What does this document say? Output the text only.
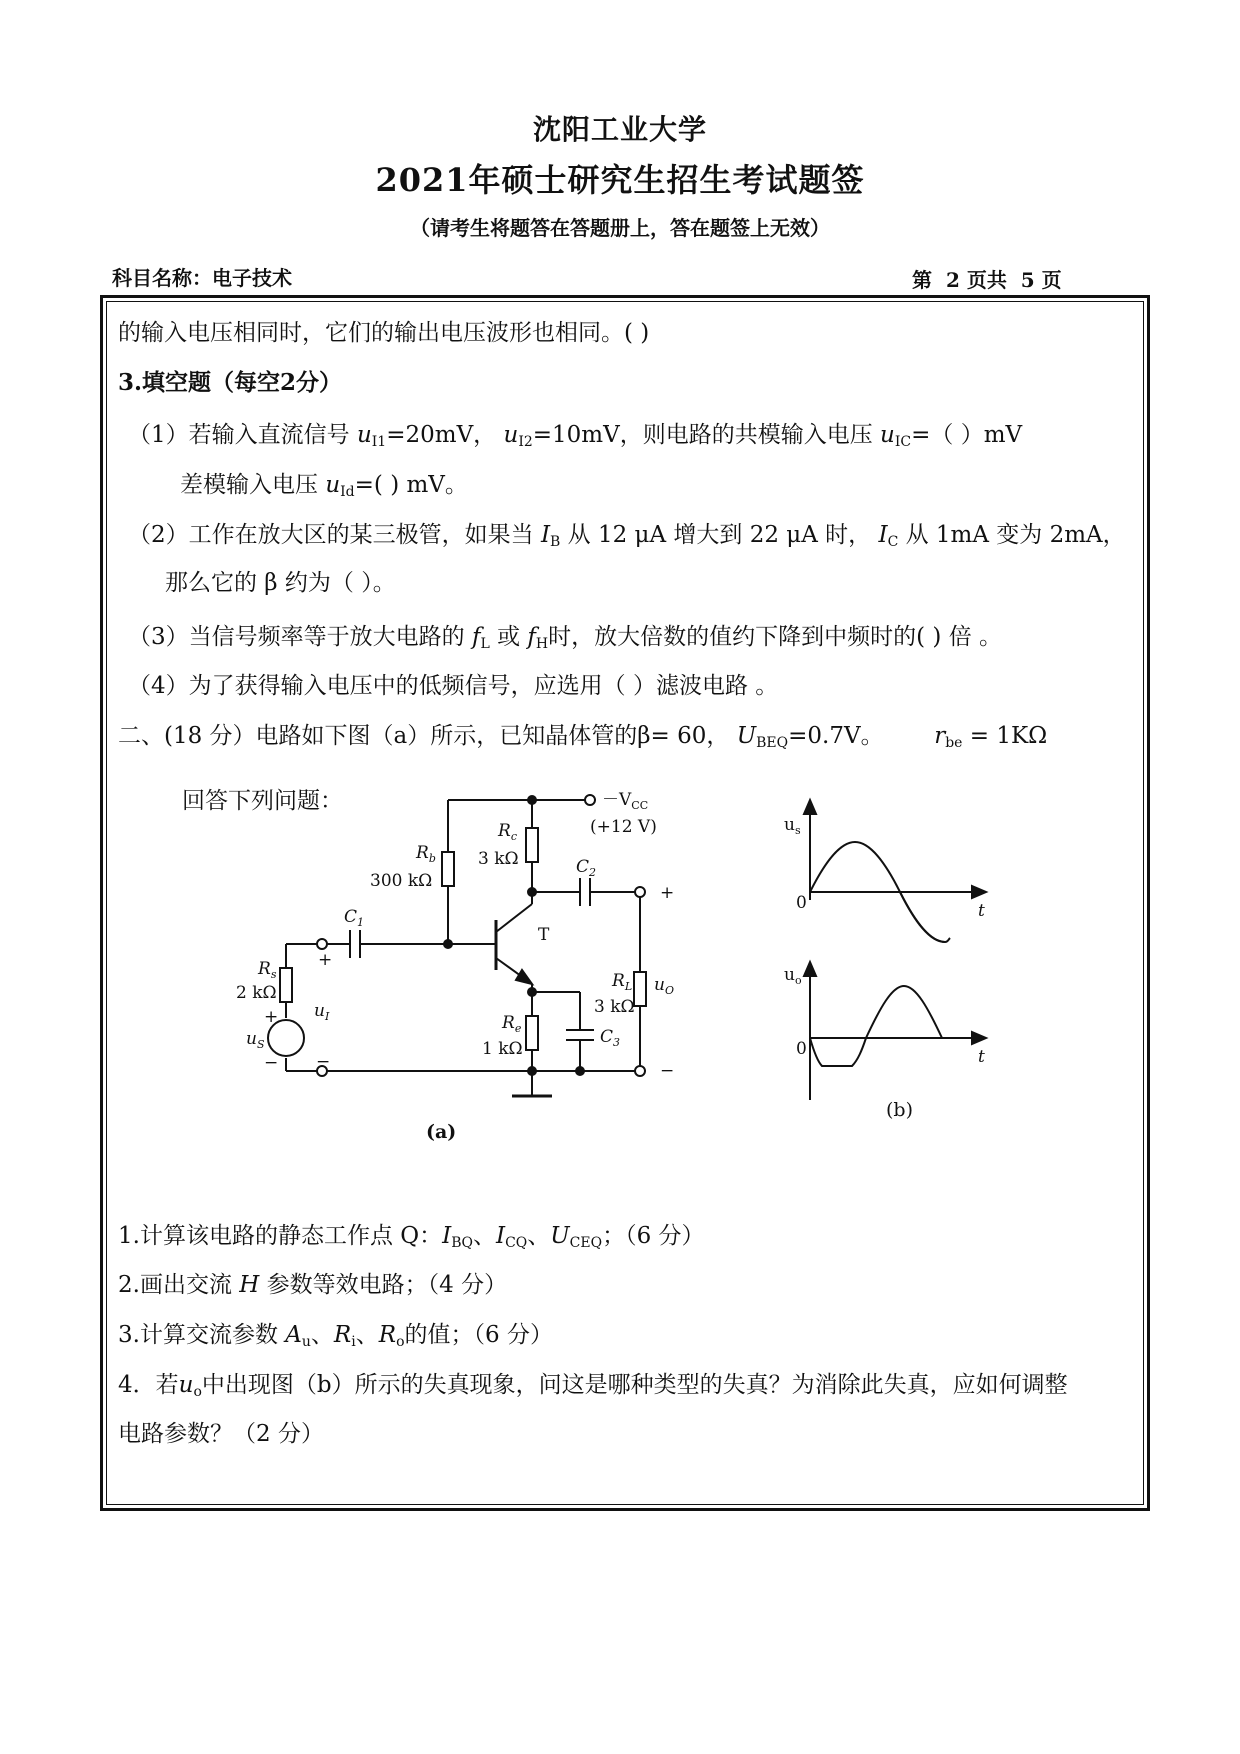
沈阳工业大学
2021年硕士研究生招生考试题签
（请考生将题答在答题册上，答在题签上无效）
科目名称：电子技术	第 2 页共 5 页
的输入电压相同时，它们的输出电压波形也相同。( )
3.填空题（每空2分）
（1）若输入直流信号 $u_{I1}=20mV$， $u_{I2}=10mV$，则电路的共模输入电压 $u_{IC}=$（ ）mV
差模输入电压 $u_{Id}=$( ) mV。
（2）工作在放大区的某三极管，如果当 $I_B$ 从 12 μA 增大到 22 μA 时， $I_C$ 从 1mA 变为 2mA，
那么它的 β 约为（ ）。
（3）当信号频率等于放大电路的 $f_L$ 或 $f_H$时，放大倍数的值约下降到中频时的( ) 倍 。
（4）为了获得输入电压中的低频信号，应选用（ ）滤波电路 。
二、(18 分）电路如下图（a）所示，已知晶体管的β= 60， $U_{BEQ}=0.7V$。 $r_{be} = 1K\Omega$
回答下列问题：	$-V_{CC}$
(+12 V)
$R_c$
3 kΩ
$R_b$
300 kΩ
$C_1$
$C_2$
T
$R_s$
2 kΩ
+
$u_I$
+
$u_S$
− −
$R_e$
1 kΩ
$C_3$
$R_L$
3 kΩ
$u_O$
+
−
(a)
$u_s$
0	t
$u_o$
0	t
(b)
1.计算该电路的静态工作点 Q：$I_{BQ}$、$I_{CQ}$、$U_{CEQ}$；（6 分）
2.画出交流 H 参数等效电路；（4 分）
3.计算交流参数 $A_u$、$R_i$、$R_o$的值；（6 分）
4．若$u_o$中出现图（b）所示的失真现象，问这是哪种类型的失真？为消除此失真，应如何调整
电路参数？（2 分）
